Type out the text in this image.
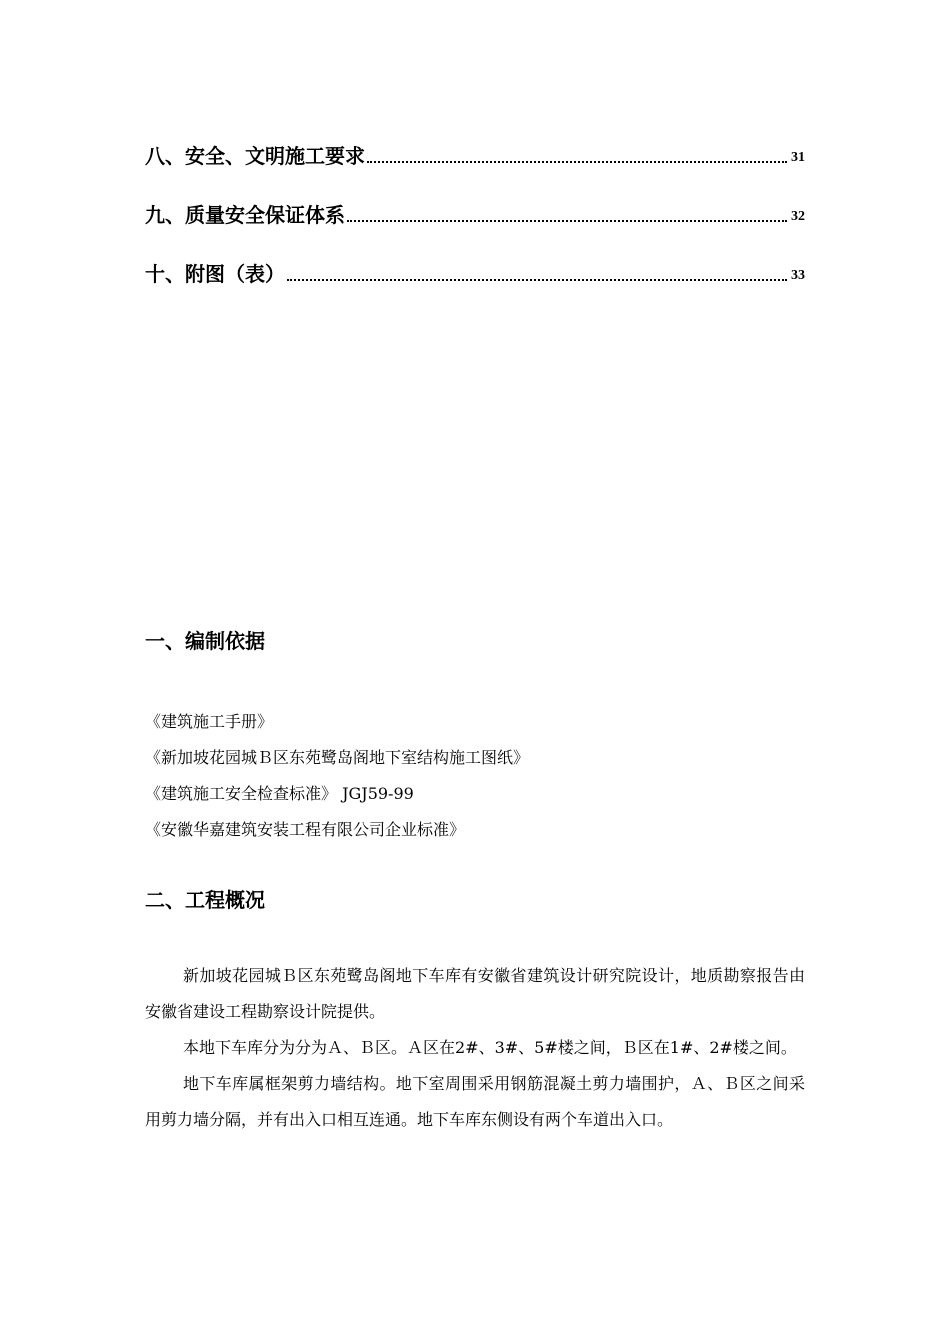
八、安全、文明施工要求	31
九、质量安全保证体系	32
十、附图（表）	33
一、编制依据
《建筑施工手册》
《新加坡花园城Ｂ区东苑鹭岛阁地下室结构施工图纸》
《建筑施工安全检查标准》 JGJ59-99
《安徽华嘉建筑安装工程有限公司企业标准》
二、工程概况

新加坡花园城Ｂ区东苑鹭岛阁地下车库有安徽省建筑设计研究院设计，地质勘察报告由安徽省建设工程勘察设计院提供。

本地下车库分为分为Ａ、Ｂ区。Ａ区在2#、3#、5#楼之间，Ｂ区在1#、2#楼之间。

地下车库属框架剪力墙结构。地下室周围采用钢筋混凝土剪力墙围护，Ａ、Ｂ区之间采用剪力墙分隔，并有出入口相互连通。地下车库东侧设有两个车道出入口。
